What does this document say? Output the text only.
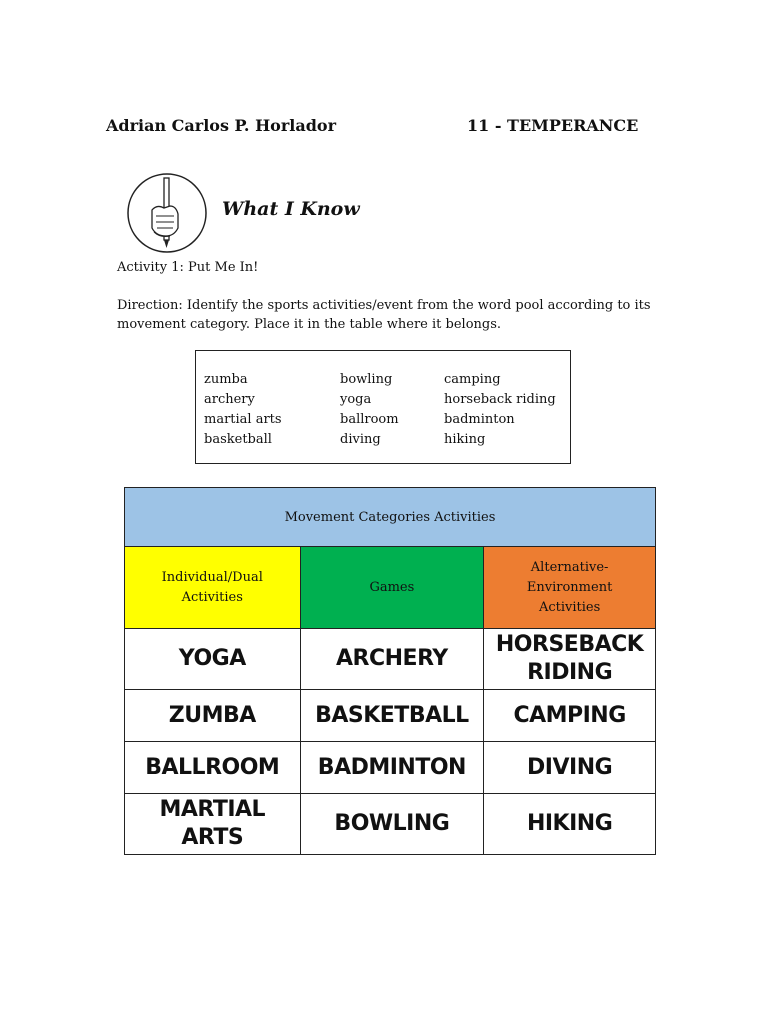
Adrian Carlos P. Horlador	11 - TEMPERANCE
What I Know
Activity 1: Put Me In!
Direction: Identify the sports activities/event from the word pool according to its movement category. Place it in the table where it belongs.
zumba
archery
martial arts
basketball
bowling
yoga
ballroom
diving
camping
horseback riding
badminton
hiking
Movement Categories Activities		

Individual/Dual Activities	Games	Alternative-Environment Activities

YOGA	ARCHERY	HORSEBACK RIDING

ZUMBA	BASKETBALL	CAMPING
BALLROOM	BADMINTON	DIVING

MARTIAL ARTS	BOWLING	HIKING
